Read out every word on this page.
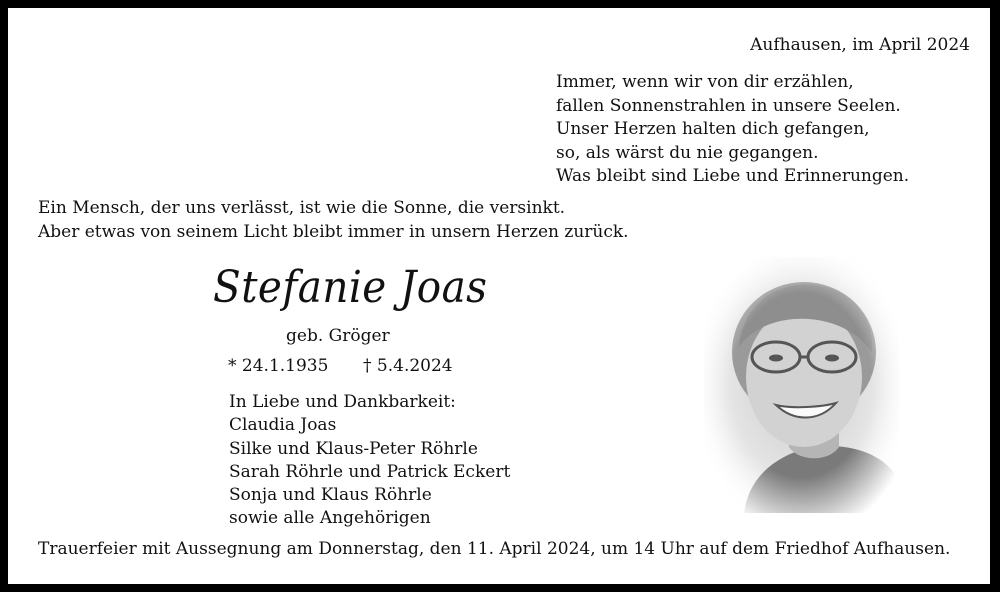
Aufhausen, im April 2024
Immer, wenn wir von dir erzählen,
fallen Sonnenstrahlen in unsere Seelen.
Unser Herzen halten dich gefangen,
so, als wärst du nie gegangen.
Was bleibt sind Liebe und Erinnerungen.
Ein Mensch, der uns verlässt, ist wie die Sonne, die versinkt.
Aber etwas von seinem Licht bleibt immer in unsern Herzen zurück.
Stefanie Joas
geb. Gröger
* 24.1.1935 † 5.4.2024
In Liebe und Dankbarkeit:
Claudia Joas
Silke und Klaus-Peter Röhrle
Sarah Röhrle und Patrick Eckert
Sonja und Klaus Röhrle
sowie alle Angehörigen
Trauerfeier mit Aussegnung am Donnerstag, den 11. April 2024, um 14 Uhr auf dem Friedhof Aufhausen.
